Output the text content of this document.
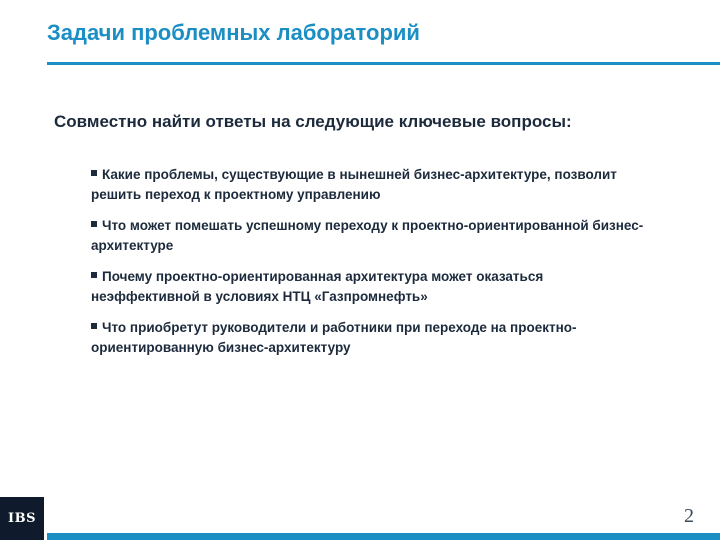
Задачи проблемных лабораторий
Совместно найти ответы на следующие ключевые вопросы:
Какие проблемы, существующие в нынешней бизнес-архитектуре, позволит решить переход к проектному управлению
Что может помешать успешному переходу к проектно-ориентированной бизнес-архитектуре
Почему проектно-ориентированная архитектура может оказаться неэффективной в условиях НТЦ «Газпромнефть»
Что приобретут руководители и работники при переходе на проектно-ориентированную бизнес-архитектуру
IBS	2
